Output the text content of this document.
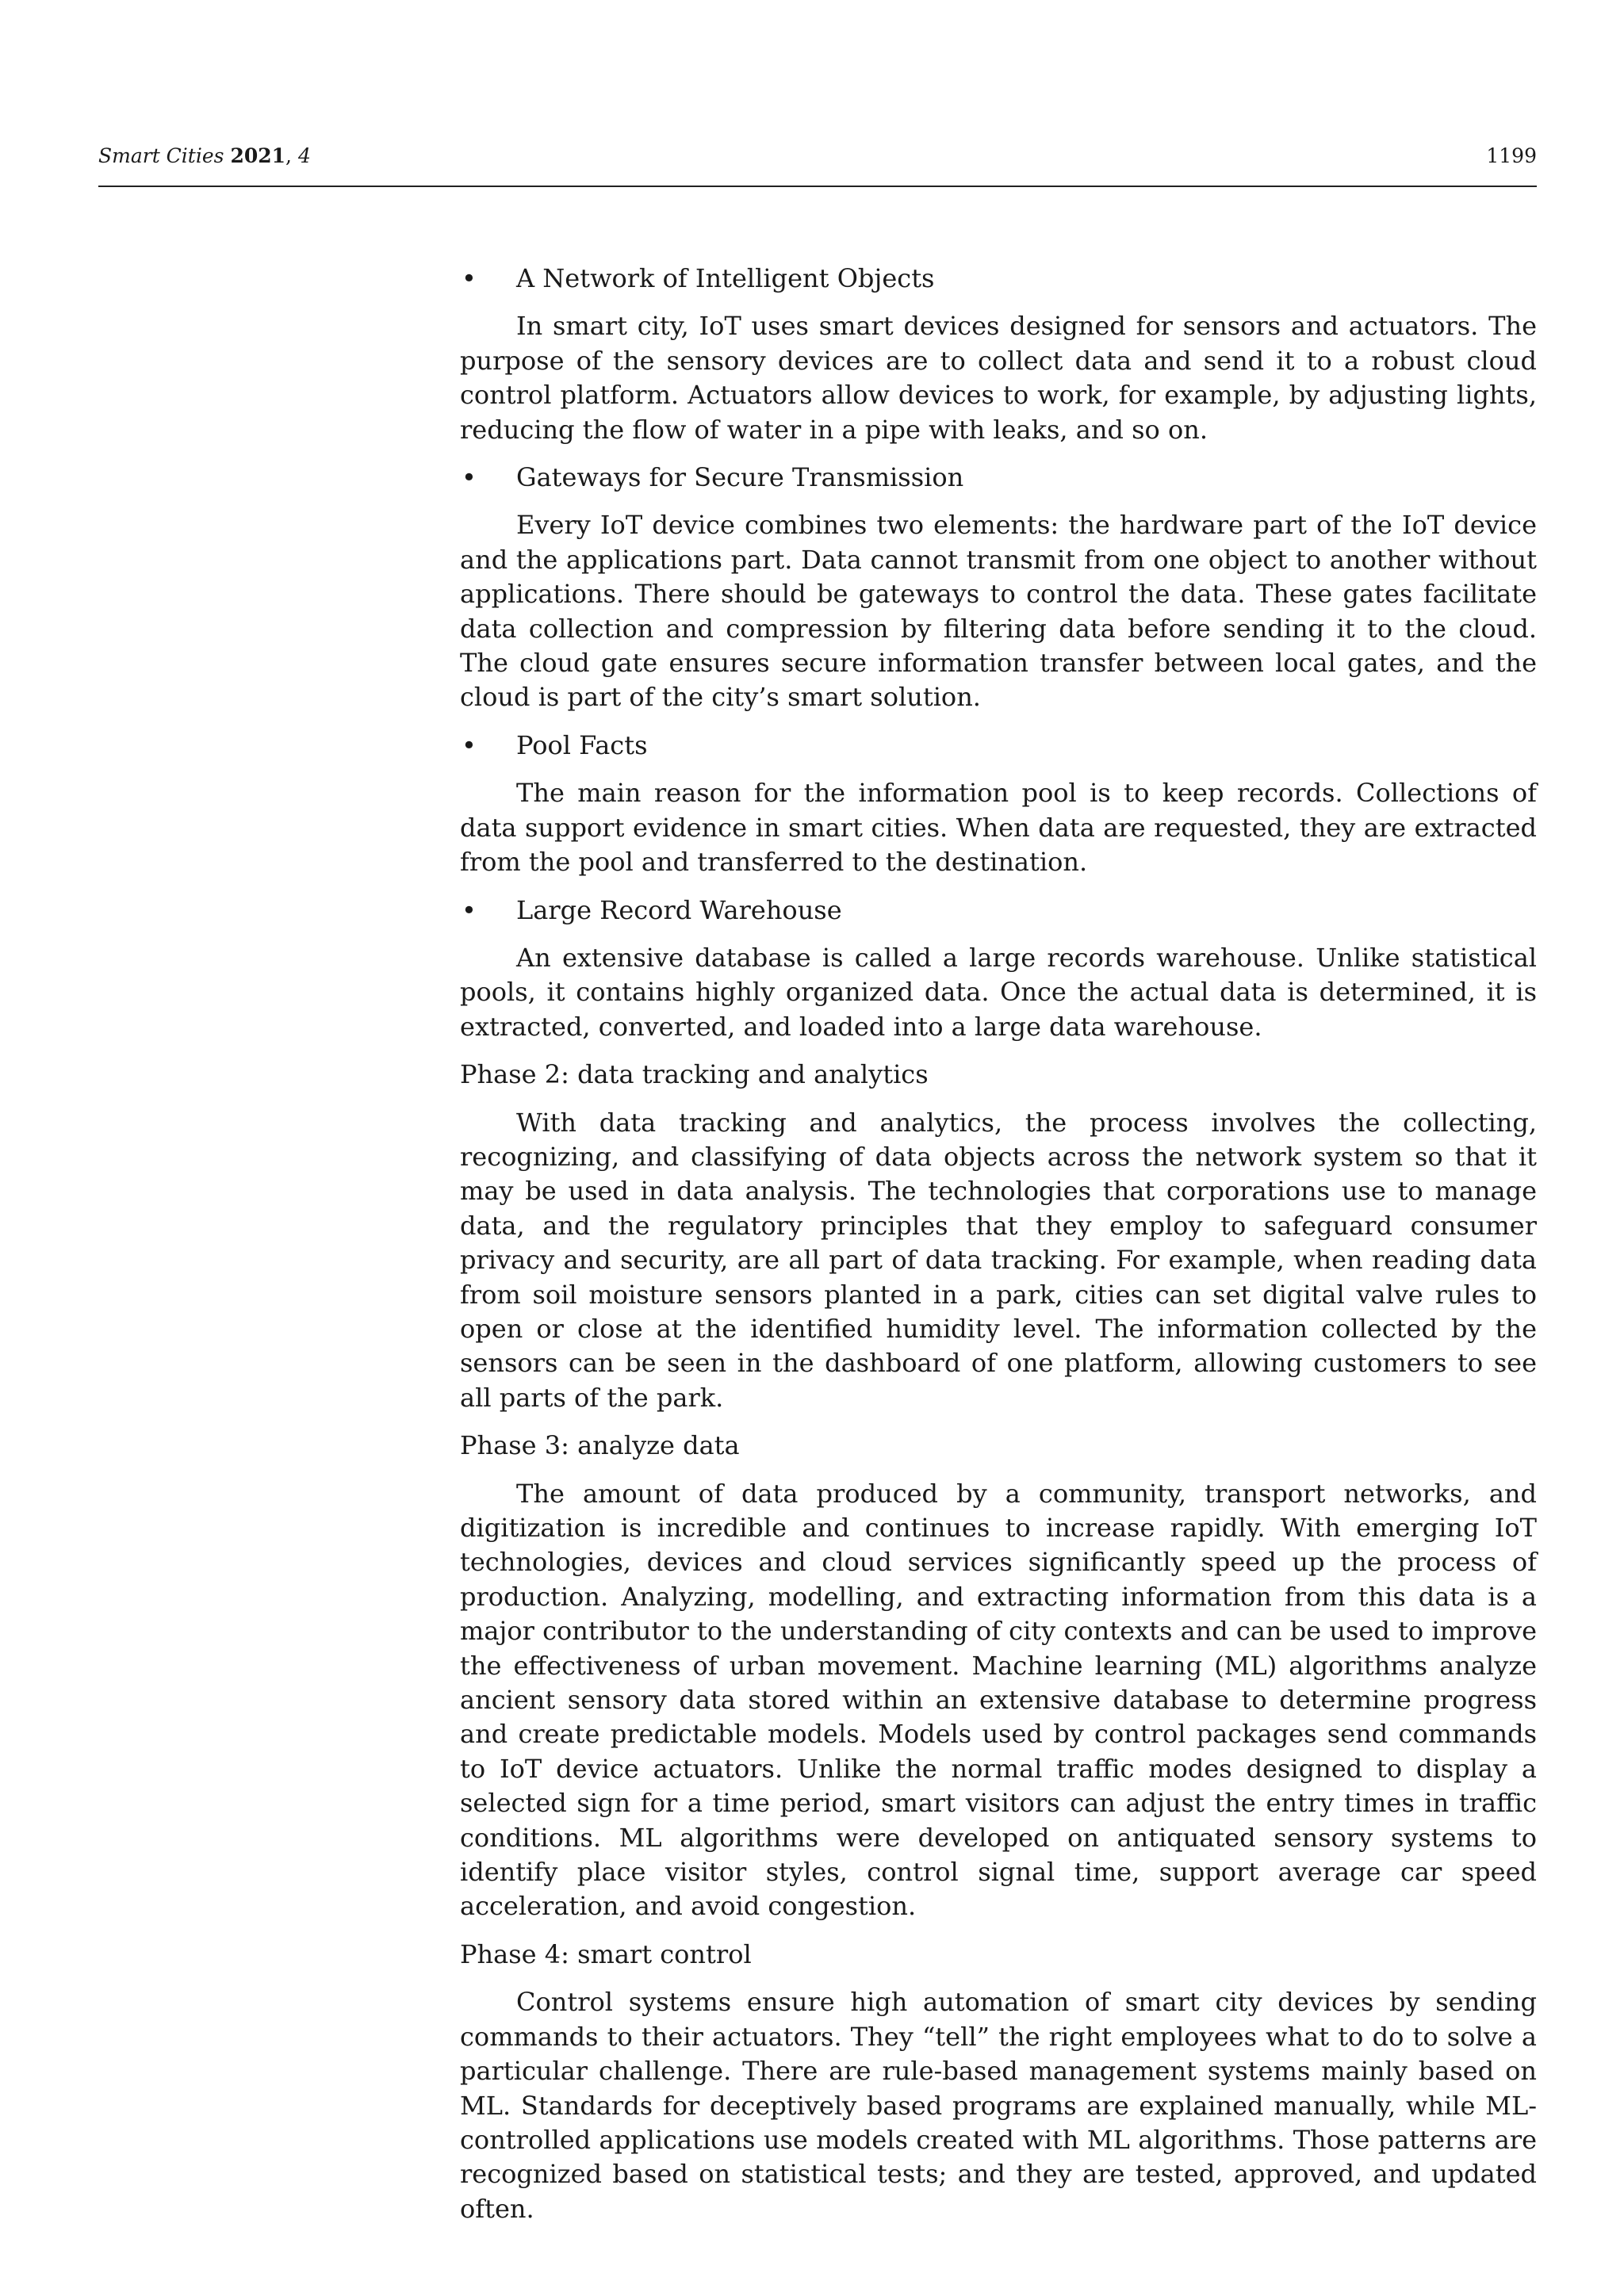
Smart Cities 2021, 4	1199
• A Network of Intelligent Objects

In smart city, IoT uses smart devices designed for sensors and actuators. The purpose of the sensory devices are to collect data and send it to a robust cloud control platform. Actuators allow devices to work, for example, by adjusting lights, reducing the flow of water in a pipe with leaks, and so on.

• Gateways for Secure Transmission

Every IoT device combines two elements: the hardware part of the IoT device and the applications part. Data cannot transmit from one object to another without applications. There should be gateways to control the data. These gates facilitate data collection and compression by filtering data before sending it to the cloud. The cloud gate ensures secure information transfer between local gates, and the cloud is part of the city’s smart solution.

• Pool Facts

The main reason for the information pool is to keep records. Collections of data support evidence in smart cities. When data are requested, they are extracted from the pool and transferred to the destination.

• Large Record Warehouse

An extensive database is called a large records warehouse. Unlike statistical pools, it contains highly organized data. Once the actual data is determined, it is extracted, converted, and loaded into a large data warehouse.

Phase 2: data tracking and analytics

With data tracking and analytics, the process involves the collecting, recognizing, and classifying of data objects across the network system so that it may be used in data analysis. The technologies that corporations use to manage data, and the regulatory principles that they employ to safeguard consumer privacy and security, are all part of data tracking. For example, when reading data from soil moisture sensors planted in a park, cities can set digital valve rules to open or close at the identified humidity level. The information collected by the sensors can be seen in the dashboard of one platform, allowing customers to see all parts of the park.

Phase 3: analyze data

The amount of data produced by a community, transport networks, and digitization is incredible and continues to increase rapidly. With emerging IoT technologies, devices and cloud services significantly speed up the process of production. Analyzing, modelling, and extracting information from this data is a major contributor to the understanding of city contexts and can be used to improve the effectiveness of urban movement. Machine learning (ML) algorithms analyze ancient sensory data stored within an extensive database to determine progress and create predictable models. Models used by control packages send commands to IoT device actuators. Unlike the normal traffic modes designed to display a selected sign for a time period, smart visitors can adjust the entry times in traffic conditions. ML algorithms were developed on antiquated sensory systems to identify place visitor styles, control signal time, support average car speed acceleration, and avoid congestion.

Phase 4: smart control

Control systems ensure high automation of smart city devices by sending commands to their actuators. They “tell” the right employees what to do to solve a particular challenge. There are rule-based management systems mainly based on ML. Standards for deceptively based programs are explained manually, while ML-controlled applications use models created with ML algorithms. Those patterns are recognized based on statistical tests; and they are tested, approved, and updated often.
